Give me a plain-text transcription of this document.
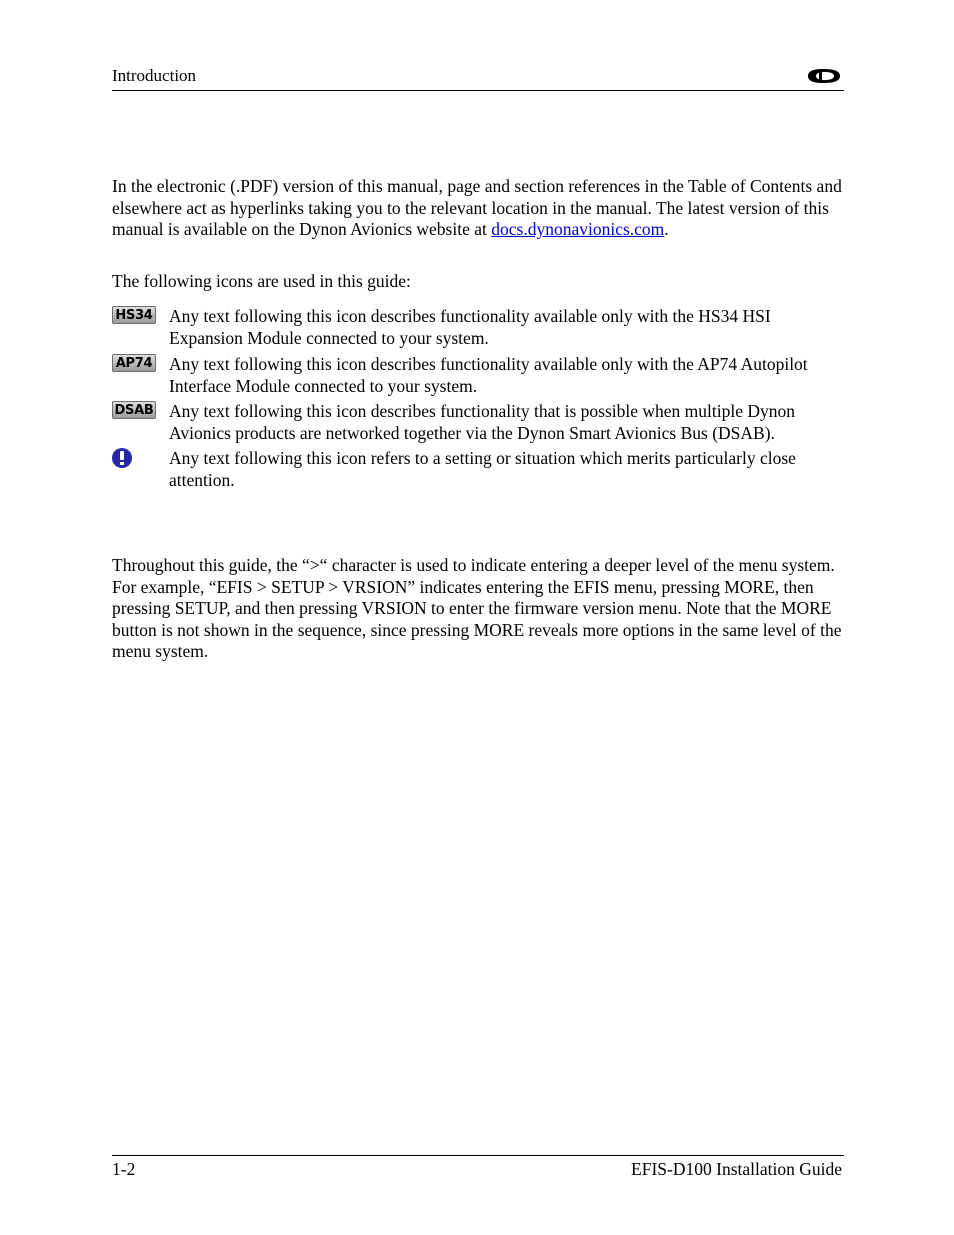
Introduction

In the electronic (.PDF) version of this manual, page and section references in the Table of Contents and elsewhere act as hyperlinks taking you to the relevant location in the manual. The latest version of this manual is available on the Dynon Avionics website at docs.dynonavionics.com.

The following icons are used in this guide:

HS34 Any text following this icon describes functionality available only with the HS34 HSI Expansion Module connected to your system.
AP74 Any text following this icon describes functionality available only with the AP74 Autopilot Interface Module connected to your system.
DSAB Any text following this icon describes functionality that is possible when multiple Dynon Avionics products are networked together via the Dynon Smart Avionics Bus (DSAB).
Any text following this icon refers to a setting or situation which merits particularly close attention.

Throughout this guide, the “>“ character is used to indicate entering a deeper level of the menu system. For example, “EFIS > SETUP > VRSION” indicates entering the EFIS menu, pressing MORE, then pressing SETUP, and then pressing VRSION to enter the firmware version menu. Note that the MORE button is not shown in the sequence, since pressing MORE reveals more options in the same level of the menu system.

1-2	EFIS-D100 Installation Guide
